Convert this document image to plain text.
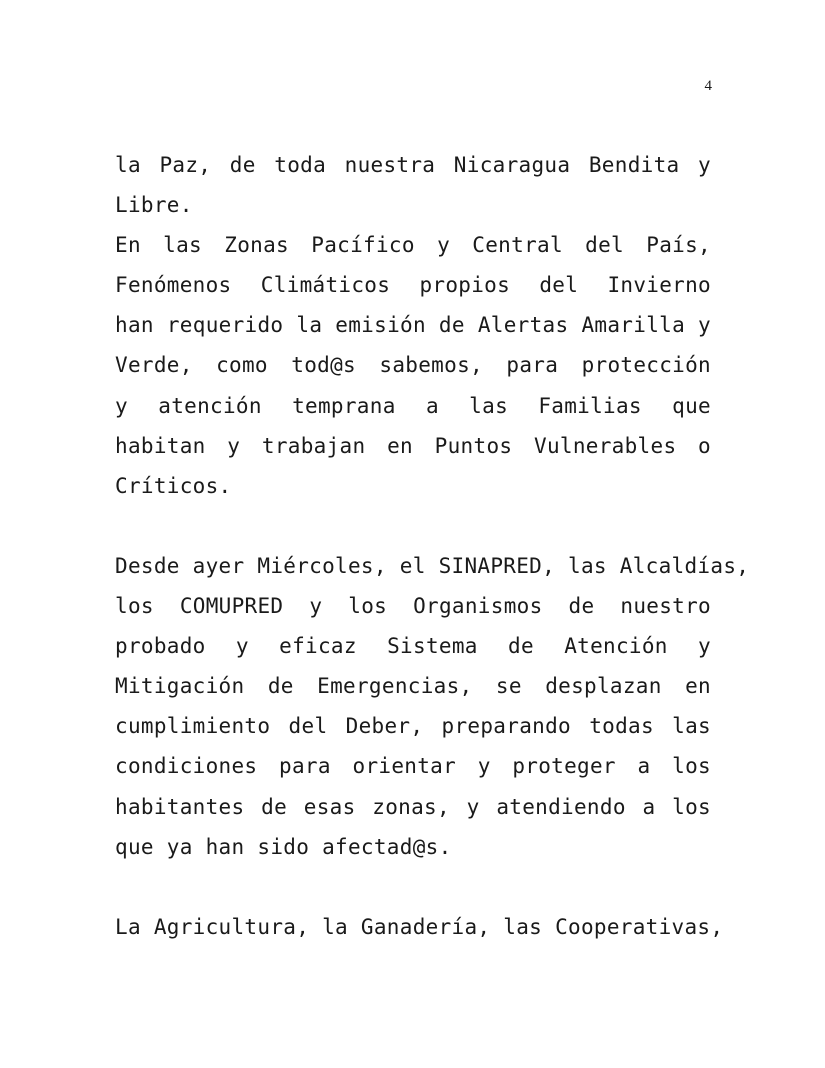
4
la Paz, de toda nuestra Nicaragua Bendita y
Libre.
En las Zonas Pacífico y Central del País,
Fenómenos Climáticos propios del Invierno
han requerido la emisión de Alertas Amarilla y
Verde, como tod@s sabemos, para protección
y atención temprana a las Familias que
habitan y trabajan en Puntos Vulnerables o
Críticos.
Desde ayer Miércoles, el SINAPRED, las Alcaldías,
los COMUPRED y los Organismos de nuestro
probado y eficaz Sistema de Atención y
Mitigación de Emergencias, se desplazan en
cumplimiento del Deber, preparando todas las
condiciones para orientar y proteger a los
habitantes de esas zonas, y atendiendo a los
que ya han sido afectad@s.
La Agricultura, la Ganadería, las Cooperativas,
